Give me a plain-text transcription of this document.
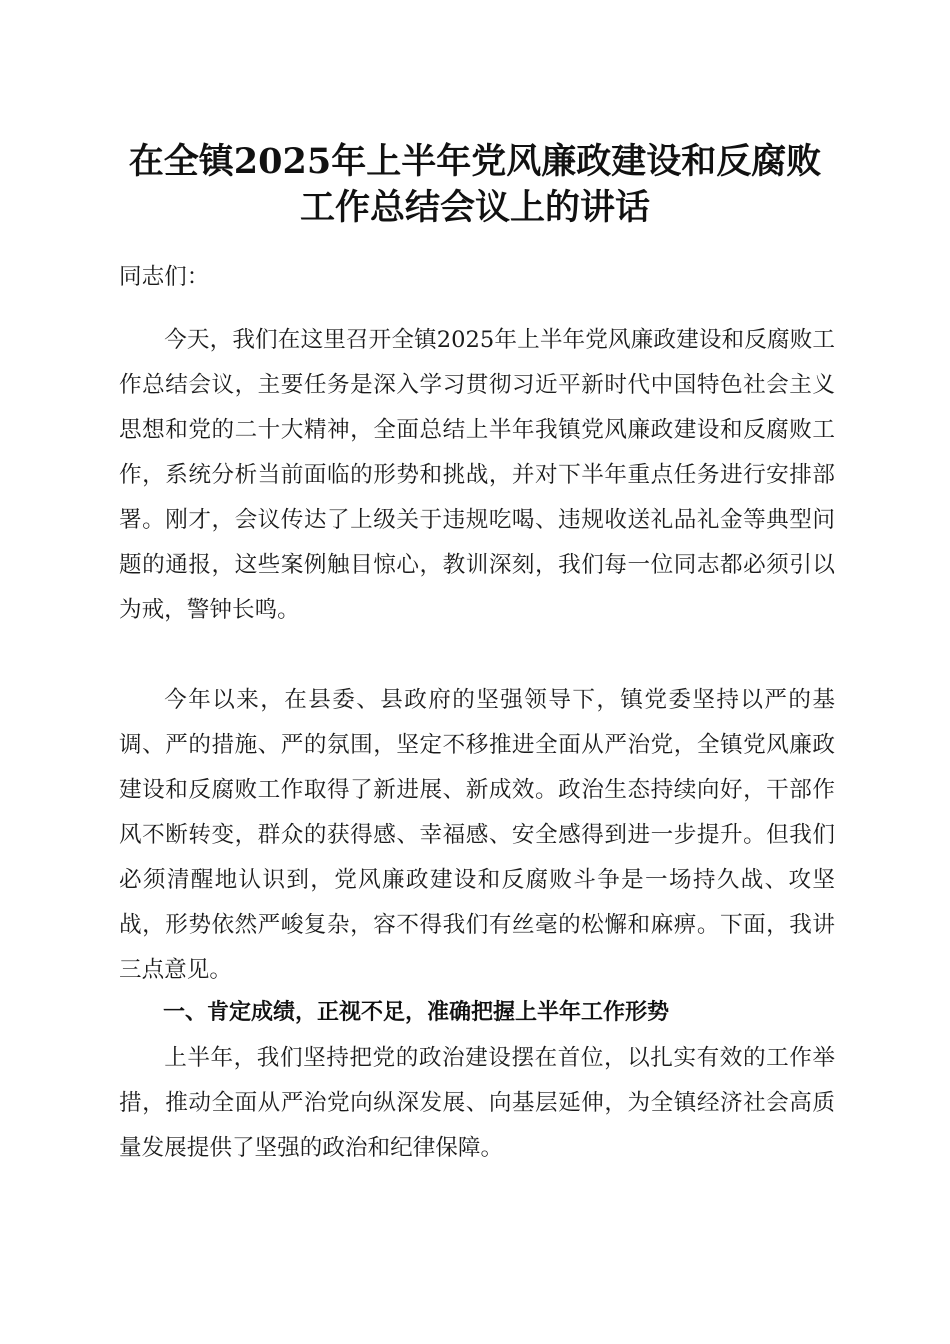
在全镇2025年上半年党风廉政建设和反腐败
工作总结会议上的讲话
同志们：
今天，我们在这里召开全镇2025年上半年党风廉政建设和反腐败工作总结会议，主要任务是深入学习贯彻习近平新时代中国特色社会主义思想和党的二十大精神，全面总结上半年我镇党风廉政建设和反腐败工作，系统分析当前面临的形势和挑战，并对下半年重点任务进行安排部署。刚才，会议传达了上级关于违规吃喝、违规收送礼品礼金等典型问题的通报，这些案例触目惊心，教训深刻，我们每一位同志都必须引以为戒，警钟长鸣。
今年以来，在县委、县政府的坚强领导下，镇党委坚持以严的基调、严的措施、严的氛围，坚定不移推进全面从严治党，全镇党风廉政建设和反腐败工作取得了新进展、新成效。政治生态持续向好，干部作风不断转变，群众的获得感、幸福感、安全感得到进一步提升。但我们必须清醒地认识到，党风廉政建设和反腐败斗争是一场持久战、攻坚战，形势依然严峻复杂，容不得我们有丝毫的松懈和麻痹。下面，我讲三点意见。
一、肯定成绩，正视不足，准确把握上半年工作形势
上半年，我们坚持把党的政治建设摆在首位，以扎实有效的工作举措，推动全面从严治党向纵深发展、向基层延伸，为全镇经济社会高质量发展提供了坚强的政治和纪律保障。
